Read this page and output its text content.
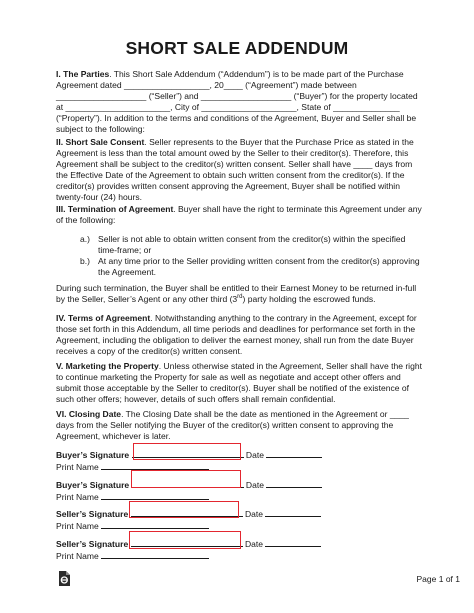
SHORT SALE ADDENDUM
I. The Parties. This Short Sale Addendum (“Addendum”) is to be made part of the Purchase Agreement dated __________________, 20____ (“Agreement”) made between ___________________ (“Seller”) and ___________________ (“Buyer”) for the property located at ______________________, City of ____________________, State of ______________ (“Property”). In addition to the terms and conditions of the Agreement, Buyer and Seller shall be subject to the following:
II. Short Sale Consent. Seller represents to the Buyer that the Purchase Price as stated in the Agreement is less than the total amount owed by the Seller to their creditor(s). Therefore, this Agreement shall be subject to the creditor(s) written consent. Seller shall have ____ days from the Effective Date of the Agreement to obtain such written consent from the creditor(s). If the creditor(s) provides written consent approving the Agreement, Buyer shall be notified within twenty-four (24) hours.
III. Termination of Agreement. Buyer shall have the right to terminate this Agreement under any of the following:
a.) Seller is not able to obtain written consent from the creditor(s) within the specified time-frame; or
b.) At any time prior to the Seller providing written consent from the creditor(s) approving the Agreement.
During such termination, the Buyer shall be entitled to their Earnest Money to be returned in-full by the Seller, Seller’s Agent or any other third (3rd) party holding the escrowed funds.
IV. Terms of Agreement. Notwithstanding anything to the contrary in the Agreement, except for those set forth in this Addendum, all time periods and deadlines for performance set forth in the Agreement, including the obligation to deliver the earnest money, shall run from the date Buyer receives a copy of the creditor(s) written consent.
V. Marketing the Property. Unless otherwise stated in the Agreement, Seller shall have the right to continue marketing the Property for sale as well as negotiate and accept other offers and submit those acceptable by the Seller to creditor(s). Buyer shall be notified of the existence of such other offers; however, details of such offers shall remain confidential.
VI. Closing Date. The Closing Date shall be the date as mentioned in the Agreement or ____ days from the Seller notifying the Buyer of the creditor(s) written consent to approving the Agreement, whichever is later.
Buyer’s Signature	Date
Print Name
Buyer’s Signature	Date
Print Name
Seller’s Signature	Date
Print Name
Seller’s Signature	Date
Print Name
Page 1 of 1
